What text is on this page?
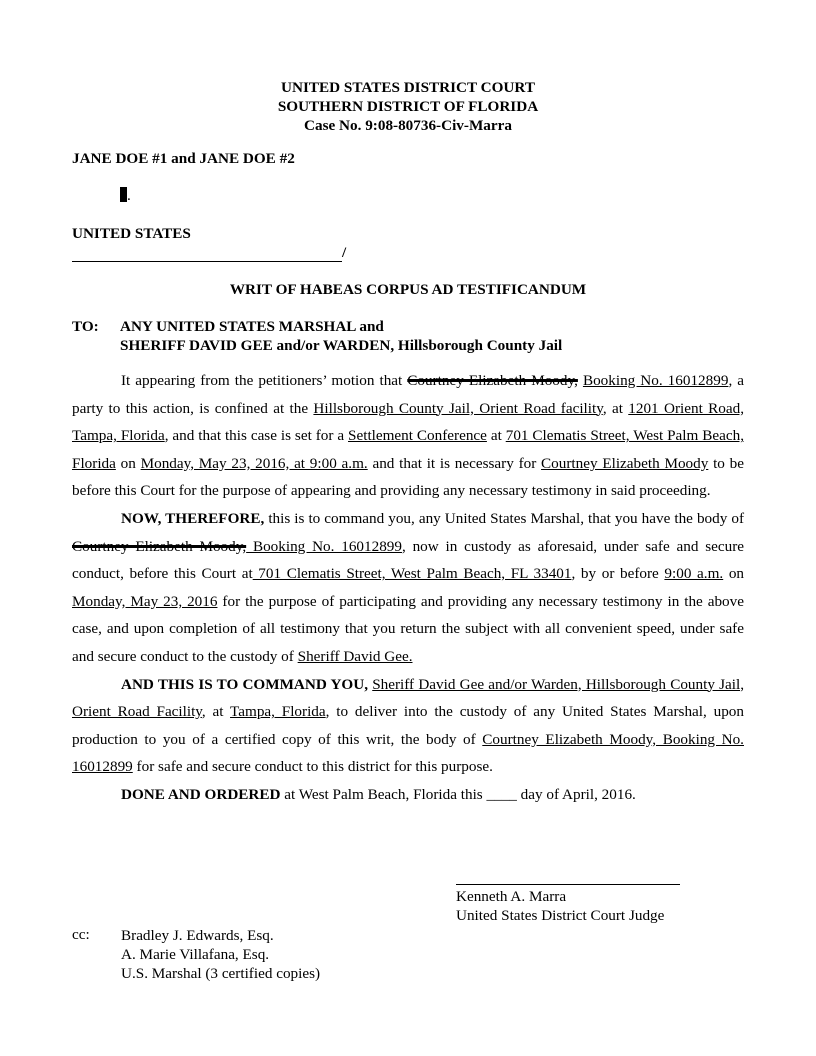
UNITED STATES DISTRICT COURT
SOUTHERN DISTRICT OF FLORIDA
Case No. 9:08-80736-Civ-Marra
JANE DOE #1 and JANE DOE #2
.
UNITED STATES
/
WRIT OF HABEAS CORPUS AD TESTIFICANDUM
TO: ANY UNITED STATES MARSHAL and
SHERIFF DAVID GEE and/or WARDEN, Hillsborough County Jail

It appearing from the petitioners’ motion that Courtney Elizabeth Moody, Booking No. 16012899, a party to this action, is confined at the Hillsborough County Jail, Orient Road facility, at 1201 Orient Road, Tampa, Florida, and that this case is set for a Settlement Conference at 701 Clematis Street, West Palm Beach, Florida on Monday, May 23, 2016, at 9:00 a.m. and that it is necessary for Courtney Elizabeth Moody to be before this Court for the purpose of appearing and providing any necessary testimony in said proceeding.

NOW, THEREFORE, this is to command you, any United States Marshal, that you have the body of Courtney Elizabeth Moody, Booking No. 16012899, now in custody as aforesaid, under safe and secure conduct, before this Court at 701 Clematis Street, West Palm Beach, FL 33401, by or before 9:00 a.m. on Monday, May 23, 2016 for the purpose of participating and providing any necessary testimony in the above case, and upon completion of all testimony that you return the subject with all convenient speed, under safe and secure conduct to the custody of Sheriff David Gee.

AND THIS IS TO COMMAND YOU, Sheriff David Gee and/or Warden, Hillsborough County Jail, Orient Road Facility, at Tampa, Florida, to deliver into the custody of any United States Marshal, upon production to you of a certified copy of this writ, the body of Courtney Elizabeth Moody, Booking No. 16012899 for safe and secure conduct to this district for this purpose.

DONE AND ORDERED at West Palm Beach, Florida this ____ day of April, 2016.

Kenneth A. Marra
United States District Court Judge
cc: Bradley J. Edwards, Esq.
A. Marie Villafana, Esq.
U.S. Marshal (3 certified copies)
